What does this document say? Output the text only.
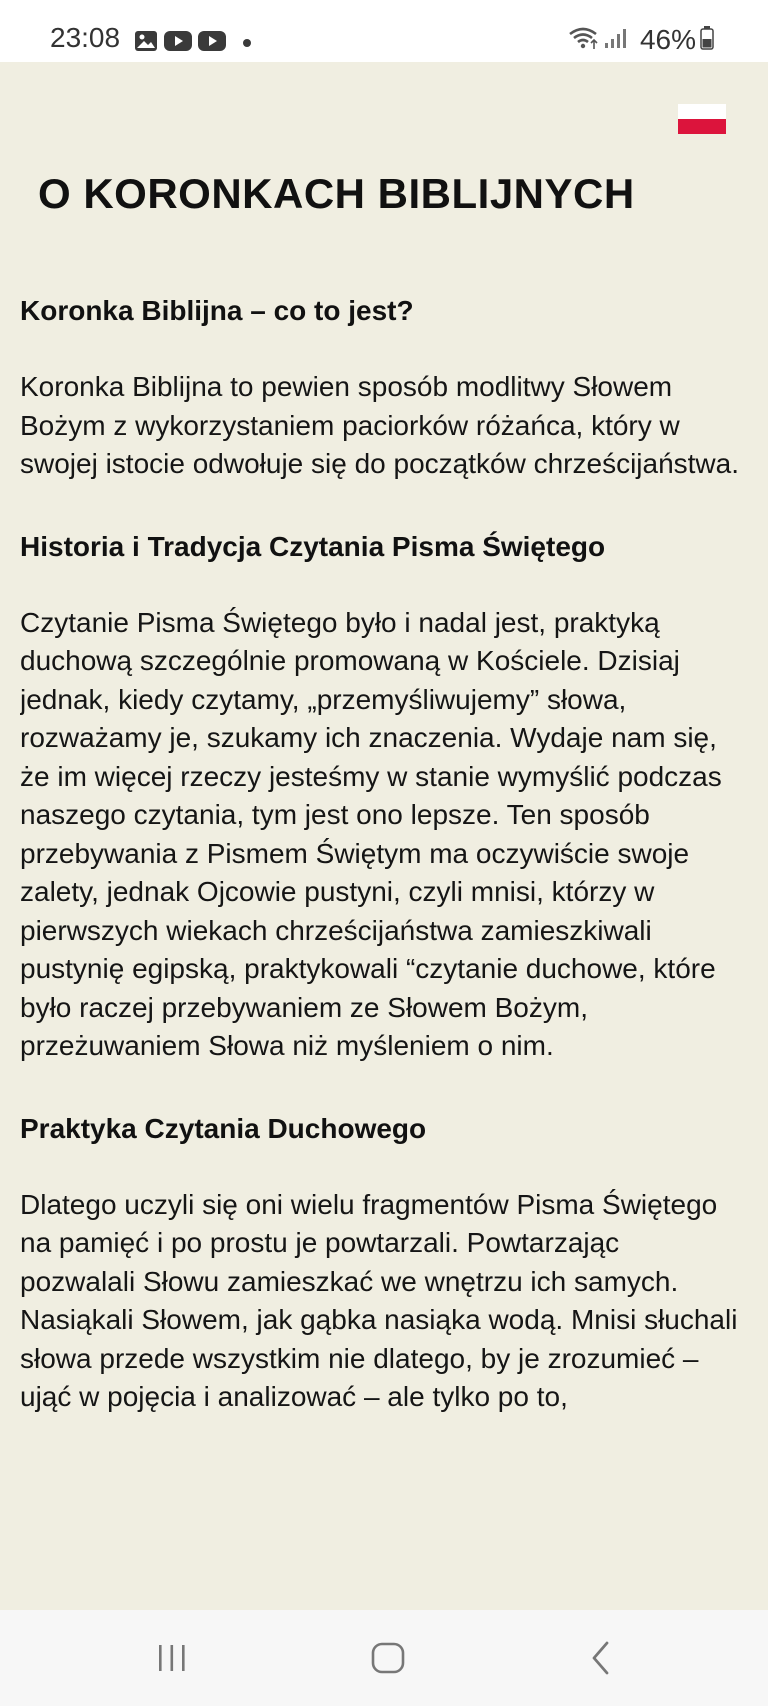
23:08	46%
O KORONKACH BIBLIJNYCH
Koronka Biblijna – co to jest?

Koronka Biblijna to pewien sposób modlitwy Słowem Bożym z wykorzystaniem paciorków różańca, który w swojej istocie odwołuje się do początków chrześcijaństwa.

Historia i Tradycja Czytania Pisma Świętego

Czytanie Pisma Świętego było i nadal jest, praktyką duchową szczególnie promowaną w Kościele. Dzisiaj jednak, kiedy czytamy, „przemyśliwujemy” słowa, rozważamy je, szukamy ich znaczenia. Wydaje nam się, że im więcej rzeczy jesteśmy w stanie wymyślić podczas naszego czytania, tym jest ono lepsze. Ten sposób przebywania z Pismem Świętym ma oczywiście swoje zalety, jednak Ojcowie pustyni, czyli mnisi, którzy w pierwszych wiekach chrześcijaństwa zamieszkiwali pustynię egipską, praktykowali “czytanie duchowe, które było raczej przebywaniem ze Słowem Bożym, przeżuwaniem Słowa niż myśleniem o nim.

Praktyka Czytania Duchowego

Dlatego uczyli się oni wielu fragmentów Pisma Świętego na pamięć i po prostu je powtarzali. Powtarzając pozwalali Słowu zamieszkać we wnętrzu ich samych. Nasiąkali Słowem, jak gąbka nasiąka wodą. Mnisi słuchali słowa przede wszystkim nie dlatego, by je zrozumieć – ująć w pojęcia i analizować – ale tylko po to,
